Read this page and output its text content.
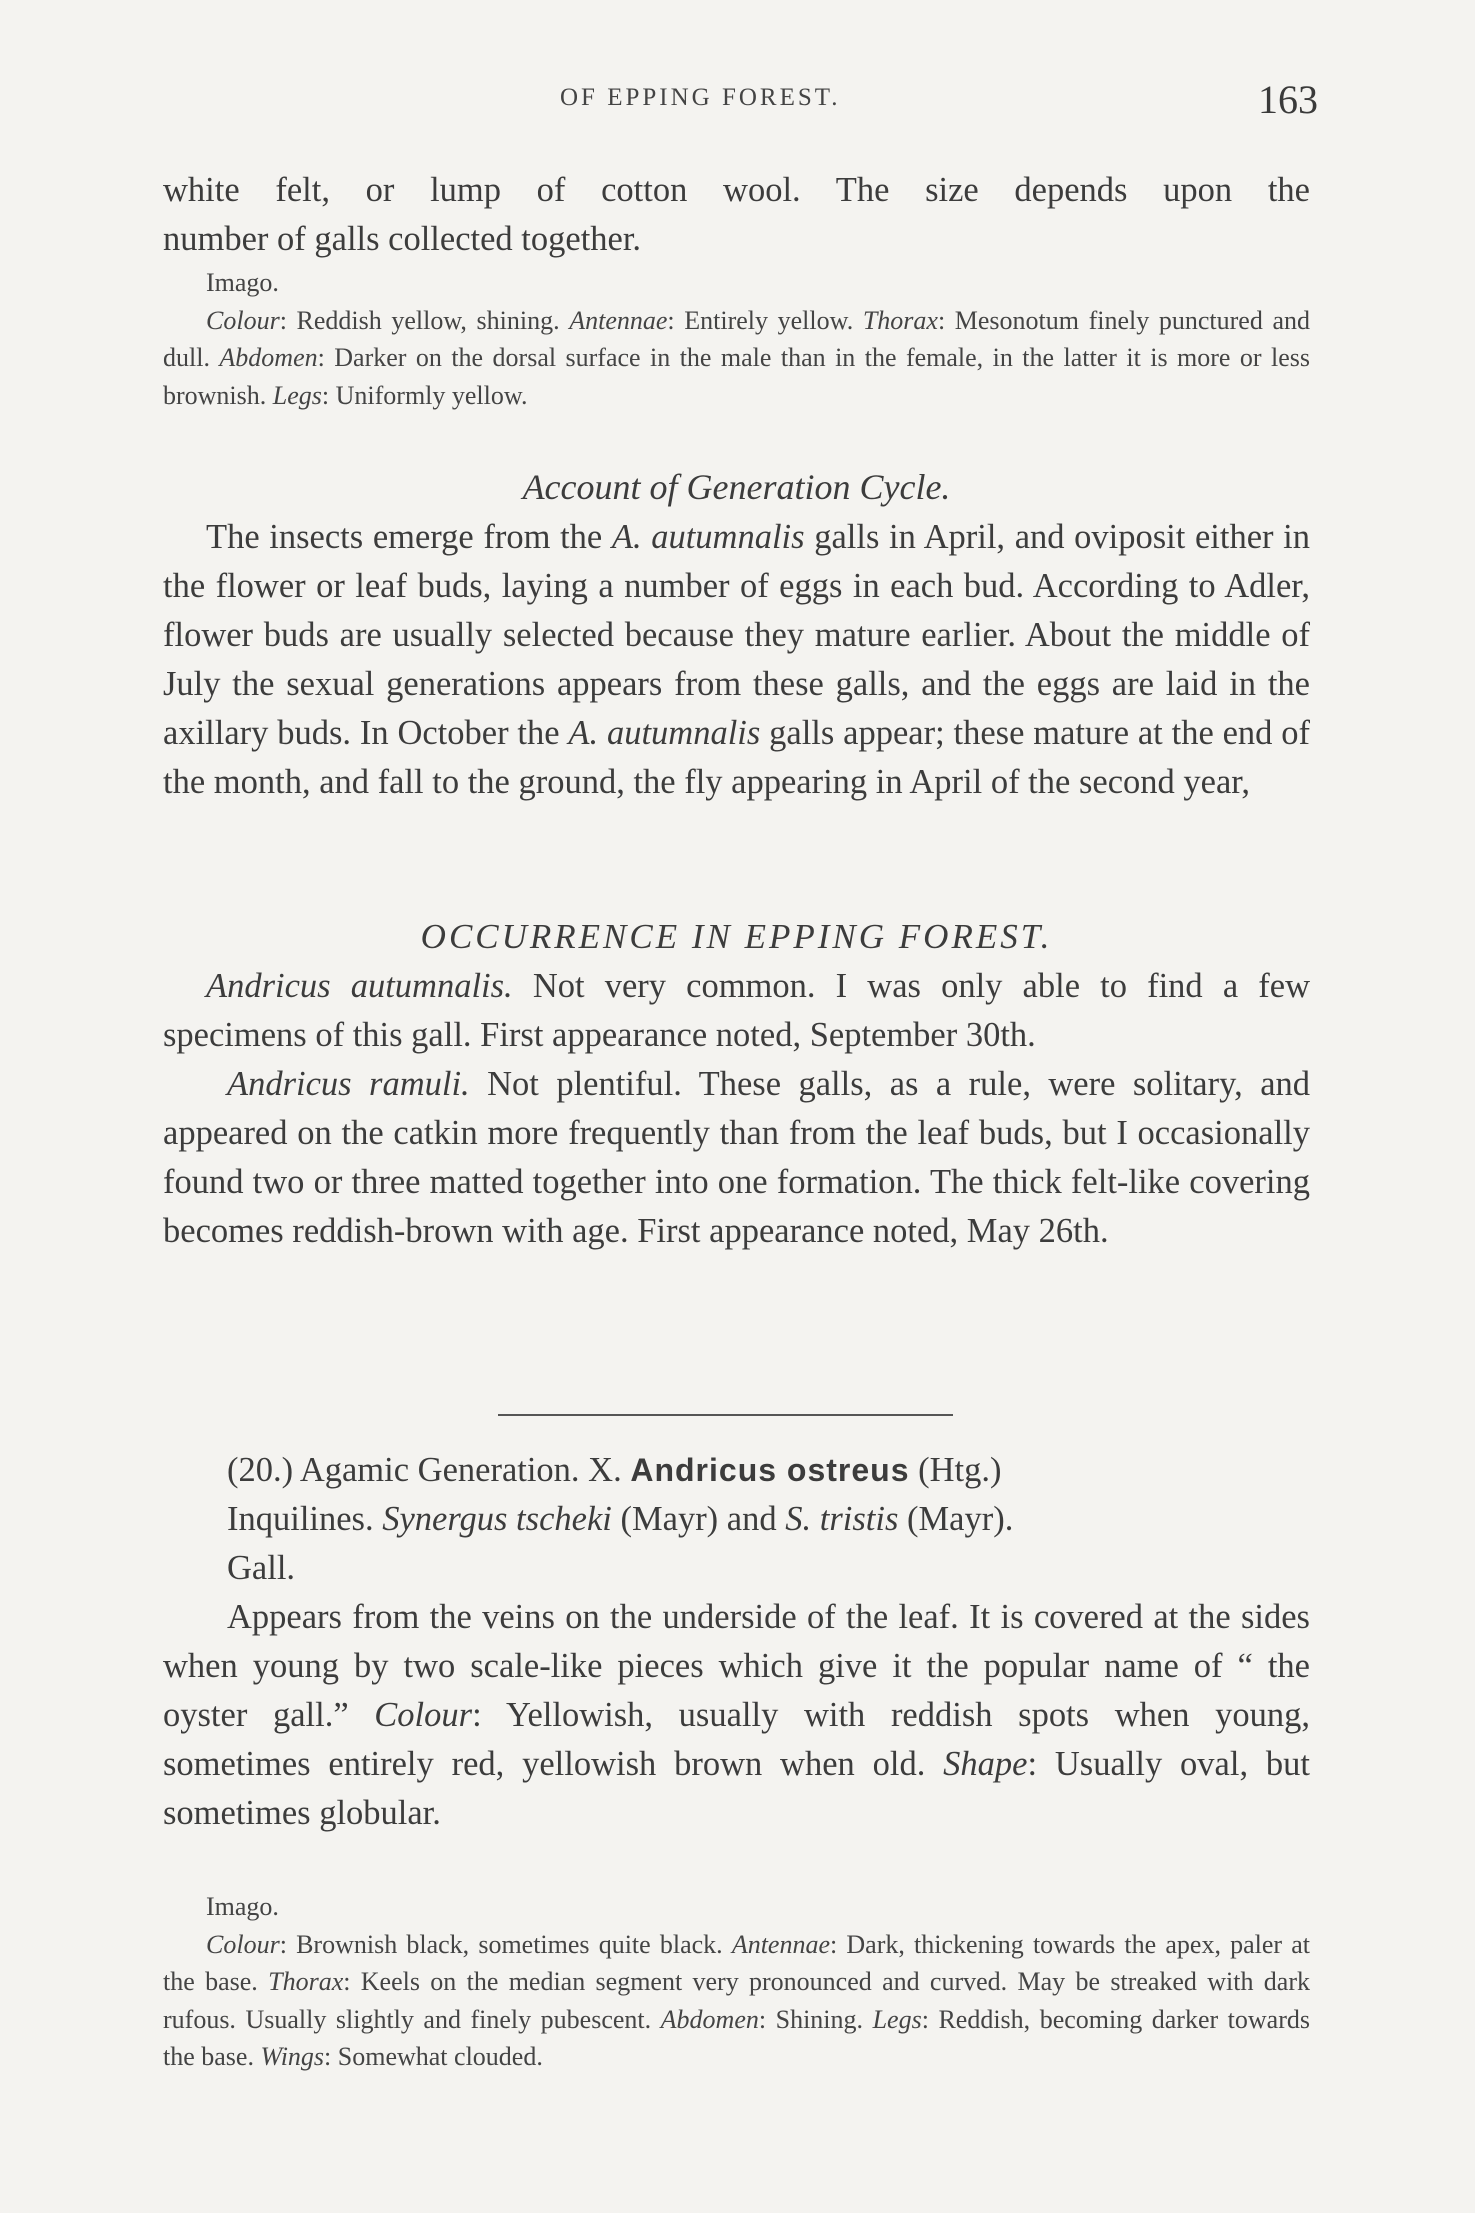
OF EPPING FOREST.	163

white felt, or lump of cotton wool. The size depends upon the

number of galls collected together.

Imago.

Colour: Reddish yellow, shining. Antennae: Entirely yellow. Thorax: Mesonotum finely punctured and dull. Abdomen: Darker on the dorsal surface in the male than in the female, in the latter it is more or less brownish. Legs: Uniformly yellow.

Account of Generation Cycle.

The insects emerge from the A. autumnalis galls in April, and oviposit either in the flower or leaf buds, laying a number of eggs in each bud. According to Adler, flower buds are usually selected because they mature earlier. About the middle of July the sexual generations appears from these galls, and the eggs are laid in the axillary buds. In October the A. autumnalis galls appear; these mature at the end of the month, and fall to the ground, the fly appearing in April of the second year,

OCCURRENCE IN EPPING FOREST.

Andricus autumnalis. Not very common. I was only able to find a few specimens of this gall. First appearance noted, September 30th.

Andricus ramuli. Not plentiful. These galls, as a rule, were solitary, and appeared on the catkin more frequently than from the leaf buds, but I occasionally found two or three matted together into one formation. The thick felt-like covering becomes reddish-brown with age. First appearance noted, May 26th.

(20.) Agamic Generation. X. Andricus ostreus (Htg.)

Inquilines. Synergus tscheki (Mayr) and S. tristis (Mayr).

Gall.

Appears from the veins on the underside of the leaf. It is covered at the sides when young by two scale-like pieces which give it the popular name of “ the oyster gall.” Colour: Yellowish, usually with reddish spots when young, sometimes entirely red, yellowish brown when old. Shape: Usually oval, but sometimes globular.

Imago.

Colour: Brownish black, sometimes quite black. Antennae: Dark, thickening towards the apex, paler at the base. Thorax: Keels on the median segment very pronounced and curved. May be streaked with dark rufous. Usually slightly and finely pubescent. Abdomen: Shining. Legs: Reddish, becoming darker towards the base. Wings: Somewhat clouded.
